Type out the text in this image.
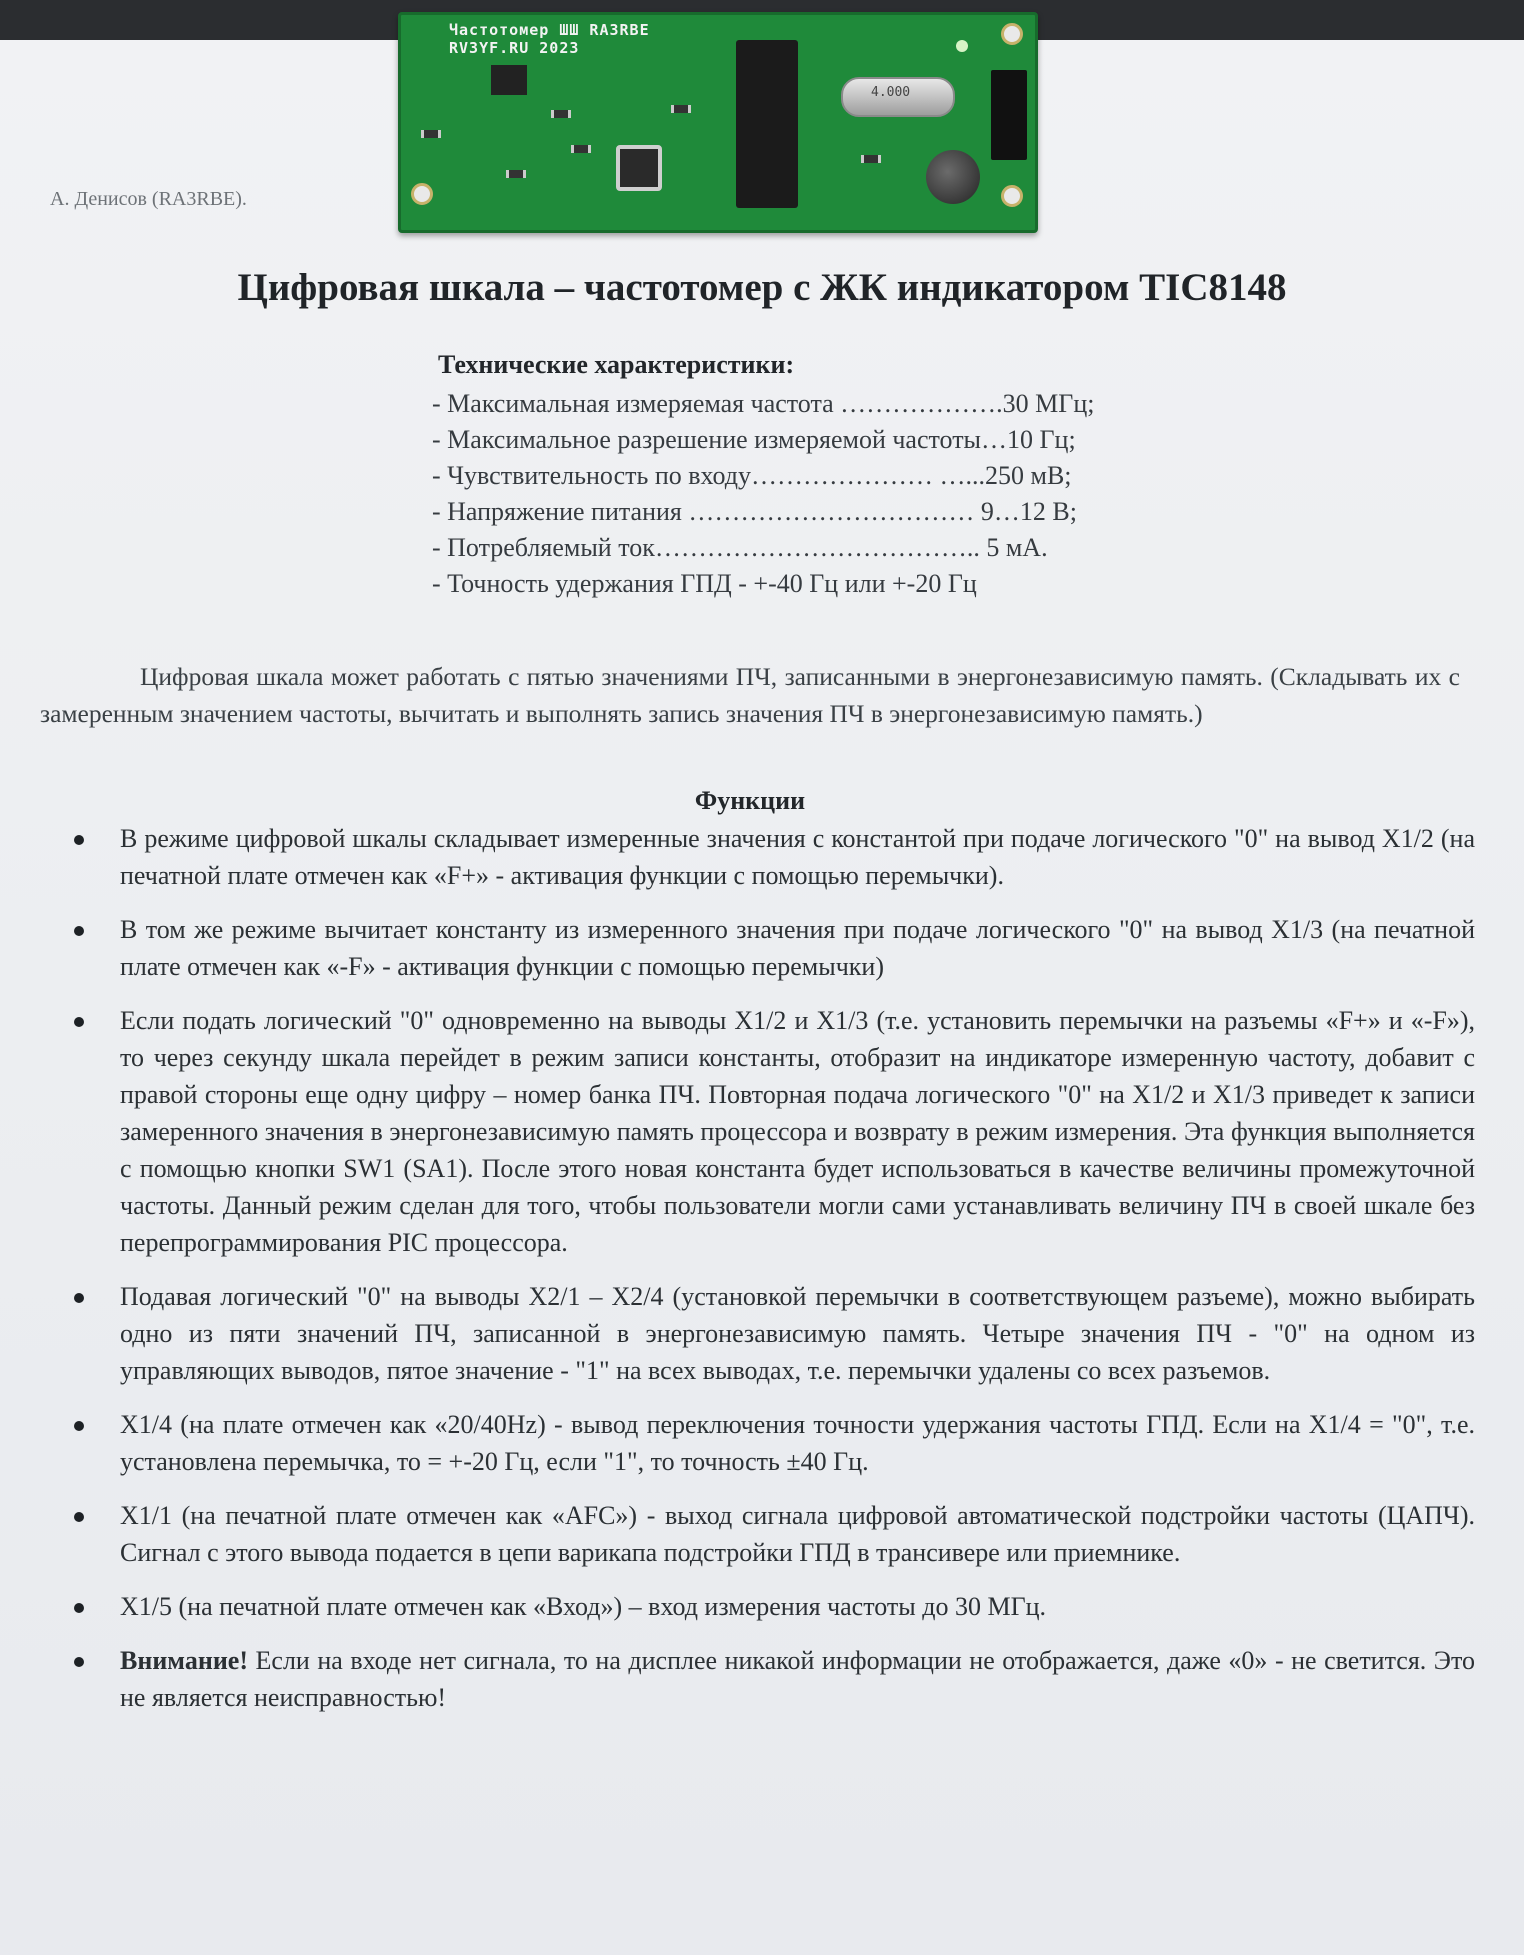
Частотомер ШШ RA3RBE
RV3YF.RU 2023
4.000
А. Денисов (RA3RBE).
Цифровая шкала – частотомер с ЖК индикатором TIC8148
Технические характеристики:
- Максимальная измеряемая частота ……………….30 МГц;
- Максимальное разрешение измеряемой частоты…10 Гц;
- Чувствительность по входу………………… …...250 мВ;
- Напряжение питания …………………………… 9…12 В;
- Потребляемый ток……………………………….. 5 мА.
- Точность удержания ГПД - +-40 Гц или +-20 Гц

Цифровая шкала может работать с пятью значениями ПЧ, записанными в энергонезависимую память. (Складывать их с замеренным значением частоты, вычитать и выполнять запись значения ПЧ в энергонезависимую память.)

Функции
В режиме цифровой шкалы складывает измеренные значения с константой при подаче логического "0" на вывод X1/2 (на печатной плате отмечен как «F+» - активация функции с помощью перемычки).
В том же режиме вычитает константу из измеренного значения при подаче логического "0" на вывод X1/3 (на печатной плате отмечен как «-F» - активация функции с помощью перемычки)
Если подать логический "0" одновременно на выводы X1/2 и X1/3 (т.е. установить перемычки на разъемы «F+» и «-F»), то через секунду шкала перейдет в режим записи константы, отобразит на индикаторе измеренную частоту, добавит с правой стороны еще одну цифру – номер банка ПЧ. Повторная подача логического "0" на X1/2 и X1/3 приведет к записи замеренного значения в энергонезависимую память процессора и возврату в режим измерения. Эта функция выполняется с помощью кнопки SW1 (SA1). После этого новая константа будет использоваться в качестве величины промежуточной частоты. Данный режим сделан для того, чтобы пользователи могли сами устанавливать величину ПЧ в своей шкале без перепрограммирования PIC процессора.
Подавая логический "0" на выводы X2/1 – X2/4 (установкой перемычки в соответствующем разъеме), можно выбирать одно из пяти значений ПЧ, записанной в энергонезависимую память. Четыре значения ПЧ - "0" на одном из управляющих выводов, пятое значение - "1" на всех выводах, т.е. перемычки удалены со всех разъемов.
X1/4 (на плате отмечен как «20/40Hz) - вывод переключения точности удержания частоты ГПД. Если на X1/4 = "0", т.е. установлена перемычка, то = +-20 Гц, если "1", то точность ±40 Гц.
X1/1 (на печатной плате отмечен как «AFC») - выход сигнала цифровой автоматической подстройки частоты (ЦАПЧ). Сигнал с этого вывода подается в цепи варикапа подстройки ГПД в трансивере или приемнике.
X1/5 (на печатной плате отмечен как «Вход») – вход измерения частоты до 30 МГц.
Внимание! Если на входе нет сигнала, то на дисплее никакой информации не отображается, даже «0» - не светится. Это не является неисправностью!
